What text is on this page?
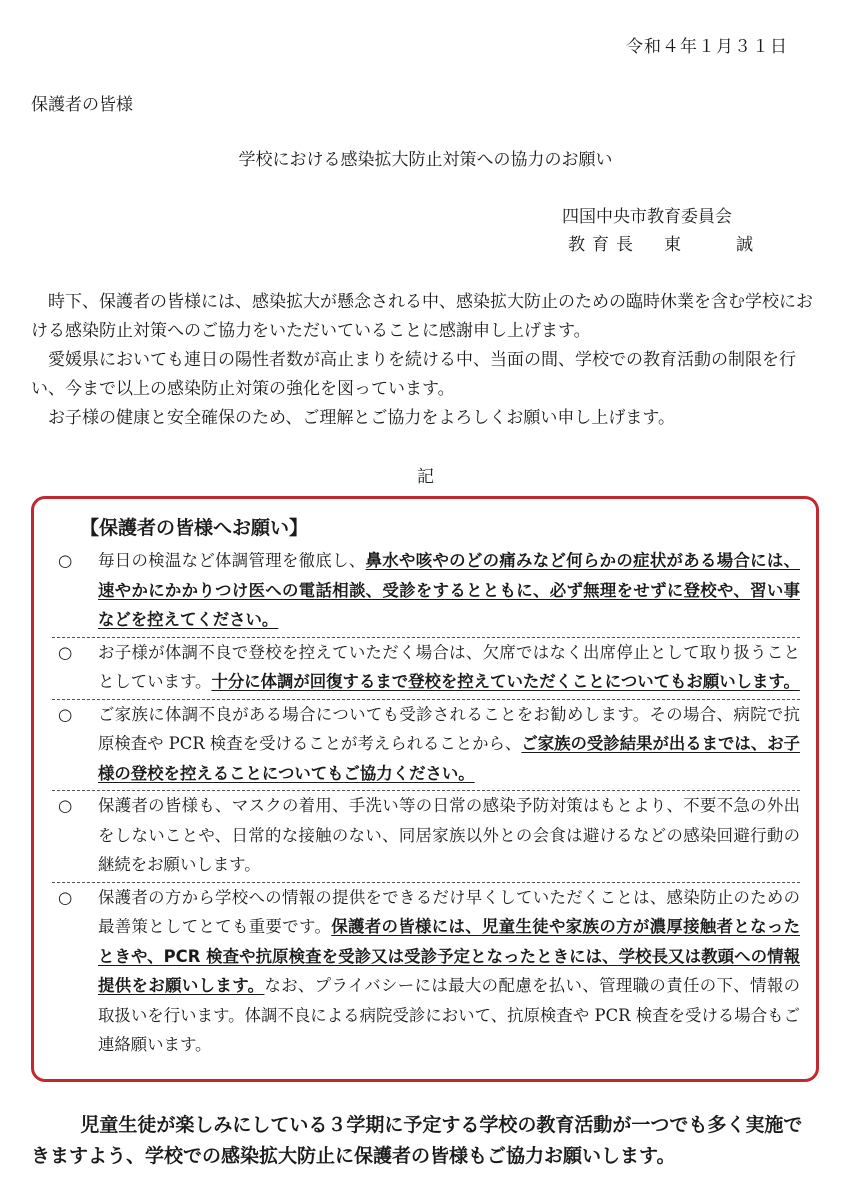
令和４年１月３１日
保護者の皆様
学校における感染拡大防止対策への協力のお願い
四国中央市教育委員会
教育長　東　　誠

時下、保護者の皆様には、感染拡大が懸念される中、感染拡大防止のための臨時休業を含む学校における感染防止対策へのご協力をいただいていることに感謝申し上げます。

愛媛県においても連日の陽性者数が高止まりを続ける中、当面の間、学校での教育活動の制限を行い、今まで以上の感染防止対策の強化を図っています。

お子様の健康と安全確保のため、ご理解とご協力をよろしくお願い申し上げます。

記
【保護者の皆様へお願い】
○ 毎日の検温など体調管理を徹底し、鼻水や咳やのどの痛みなど何らかの症状がある場合には、速やかにかかりつけ医への電話相談、受診をするとともに、必ず無理をせずに登校や、習い事などを控えてください。
○ お子様が体調不良で登校を控えていただく場合は、欠席ではなく出席停止として取り扱うこととしています。十分に体調が回復するまで登校を控えていただくことについてもお願いします。
○ ご家族に体調不良がある場合についても受診されることをお勧めします。その場合、病院で抗原検査や PCR 検査を受けることが考えられることから、ご家族の受診結果が出るまでは、お子様の登校を控えることについてもご協力ください。
○ 保護者の皆様も、マスクの着用、手洗い等の日常の感染予防対策はもとより、不要不急の外出をしないことや、日常的な接触のない、同居家族以外との会食は避けるなどの感染回避行動の継続をお願いします。
○ 保護者の方から学校への情報の提供をできるだけ早くしていただくことは、感染防止のための最善策としてとても重要です。保護者の皆様には、児童生徒や家族の方が濃厚接触者となったときや、PCR 検査や抗原検査を受診又は受診予定となったときには、学校長又は教頭への情報提供をお願いします。なお、プライバシーには最大の配慮を払い、管理職の責任の下、情報の取扱いを行います。体調不良による病院受診において、抗原検査や PCR 検査を受ける場合もご連絡願います。
児童生徒が楽しみにしている３学期に予定する学校の教育活動が一つでも多く実施できますよう、学校での感染拡大防止に保護者の皆様もご協力お願いします。
